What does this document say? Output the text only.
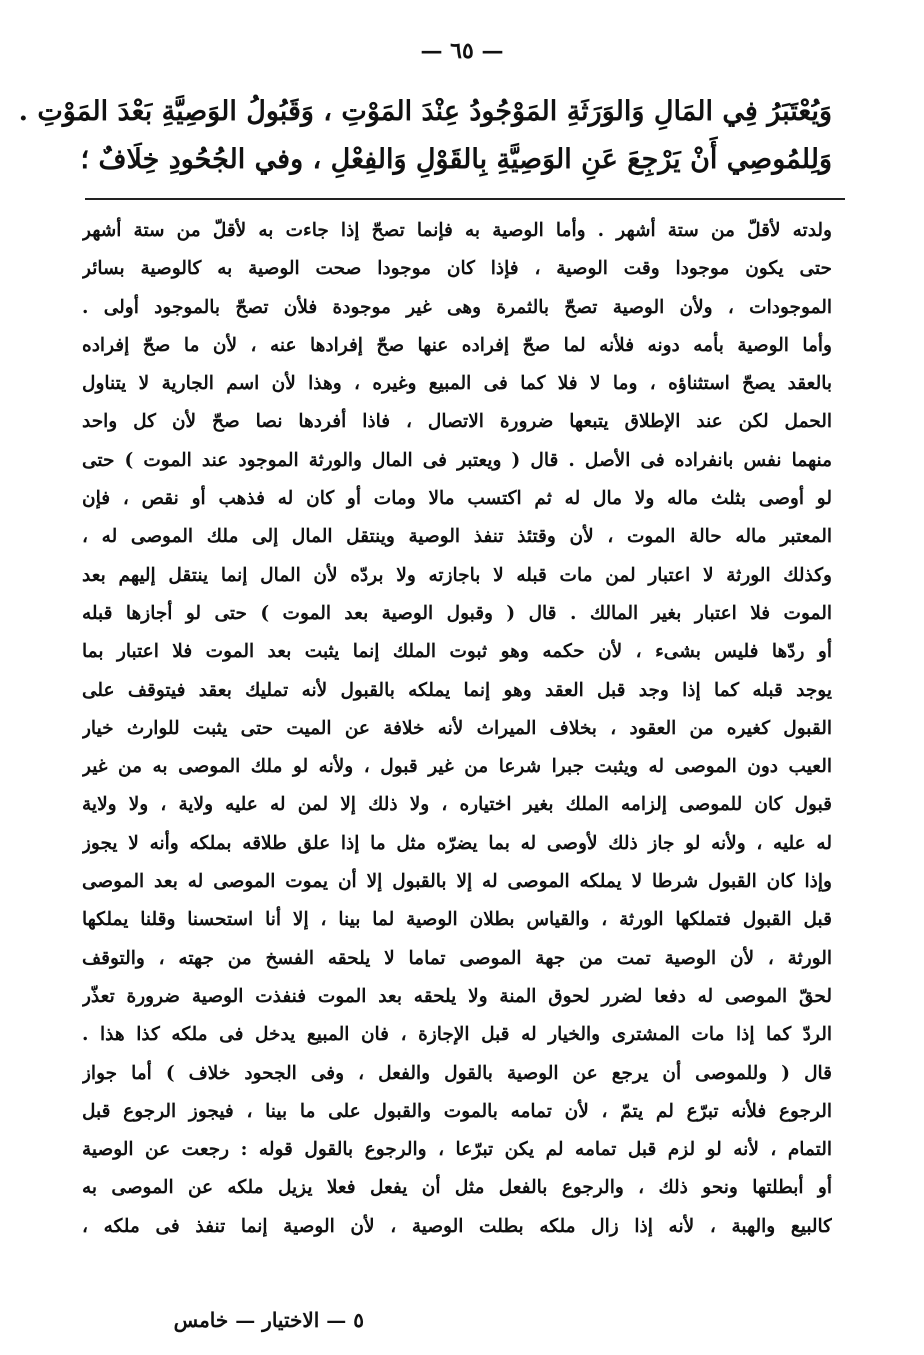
— ٦٥ —
وَيُعْتَبَرُ فِي المَالِ وَالوَرَثَةِ المَوْجُودُ عِنْدَ المَوْتِ ، وَقَبُولُ الوَصِيَّةِ بَعْدَ المَوْتِ .
وَلِلمُوصِي أَنْ يَرْجِعَ عَنِ الوَصِيَّةِ بِالقَوْلِ وَالفِعْلِ ، وفي الجُحُودِ خِلَافٌ ؛
ولدته لأقلّ من ستة أشهر . وأما الوصية به فإنما تصحّ إذا جاءت به لأقلّ من ستة أشهر
حتى يكون موجودا وقت الوصية ، فإذا كان موجودا صحت الوصية به كالوصية بسائر
الموجودات ، ولأن الوصية تصحّ بالثمرة وهى غير موجودة فلأن تصحّ بالموجود أولى .
وأما الوصية بأمه دونه فلأنه لما صحّ إفراده عنها صحّ إفرادها عنه ، لأن ما صحّ إفراده
بالعقد يصحّ استثناؤه ، وما لا فلا كما فى المبيع وغيره ، وهذا لأن اسم الجارية لا يتناول
الحمل لكن عند الإطلاق يتبعها ضرورة الاتصال ، فاذا أفردها نصا صحّ لأن كل واحد
منهما نفس بانفراده فى الأصل . قال ( ويعتبر فى المال والورثة الموجود عند الموت ) حتى
لو أوصى بثلث ماله ولا مال له ثم اكتسب مالا ومات أو كان له فذهب أو نقص ، فإن
المعتبر ماله حالة الموت ، لأن وقتئذ تنفذ الوصية وينتقل المال إلى ملك الموصى له ،
وكذلك الورثة لا اعتبار لمن مات قبله لا باجازته ولا بردّه لأن المال إنما ينتقل إليهم بعد
الموت فلا اعتبار بغير المالك . قال ( وقبول الوصية بعد الموت ) حتى لو أجازها قبله
أو ردّها فليس بشىء ، لأن حكمه وهو ثبوت الملك إنما يثبت بعد الموت فلا اعتبار بما
يوجد قبله كما إذا وجد قبل العقد وهو إنما يملكه بالقبول لأنه تمليك بعقد فيتوقف على
القبول كغيره من العقود ، بخلاف الميراث لأنه خلافة عن الميت حتى يثبت للوارث خيار
العيب دون الموصى له ويثبت جبرا شرعا من غير قبول ، ولأنه لو ملك الموصى به من غير
قبول كان للموصى إلزامه الملك بغير اختياره ، ولا ذلك إلا لمن له عليه ولاية ، ولا ولاية
له عليه ، ولأنه لو جاز ذلك لأوصى له بما يضرّه مثل ما إذا علق طلاقه بملكه وأنه لا يجوز
وإذا كان القبول شرطا لا يملكه الموصى له إلا بالقبول إلا أن يموت الموصى له بعد الموصى
قبل القبول فتملكها الورثة ، والقياس بطلان الوصية لما بينا ، إلا أنا استحسنا وقلنا يملكها
الورثة ، لأن الوصية تمت من جهة الموصى تماما لا يلحقه الفسخ من جهته ، والتوقف
لحقّ الموصى له دفعا لضرر لحوق المنة ولا يلحقه بعد الموت فنفذت الوصية ضرورة تعذّر
الردّ كما إذا مات المشترى والخيار له قبل الإجازة ، فان المبيع يدخل فى ملكه كذا هذا .
قال ( وللموصى أن يرجع عن الوصية بالقول والفعل ، وفى الجحود خلاف ) أما جواز
الرجوع فلأنه تبرّع لم يتمّ ، لأن تمامه بالموت والقبول على ما بينا ، فيجوز الرجوع قبل
التمام ، لأنه لو لزم قبل تمامه لم يكن تبرّعا ، والرجوع بالقول قوله : رجعت عن الوصية
أو أبطلتها ونحو ذلك ، والرجوع بالفعل مثل أن يفعل فعلا يزيل ملكه عن الموصى به
كالبيع والهبة ، لأنه إذا زال ملكه بطلت الوصية ، لأن الوصية إنما تنفذ فى ملكه ،
٥ — الاختيار — خامس
